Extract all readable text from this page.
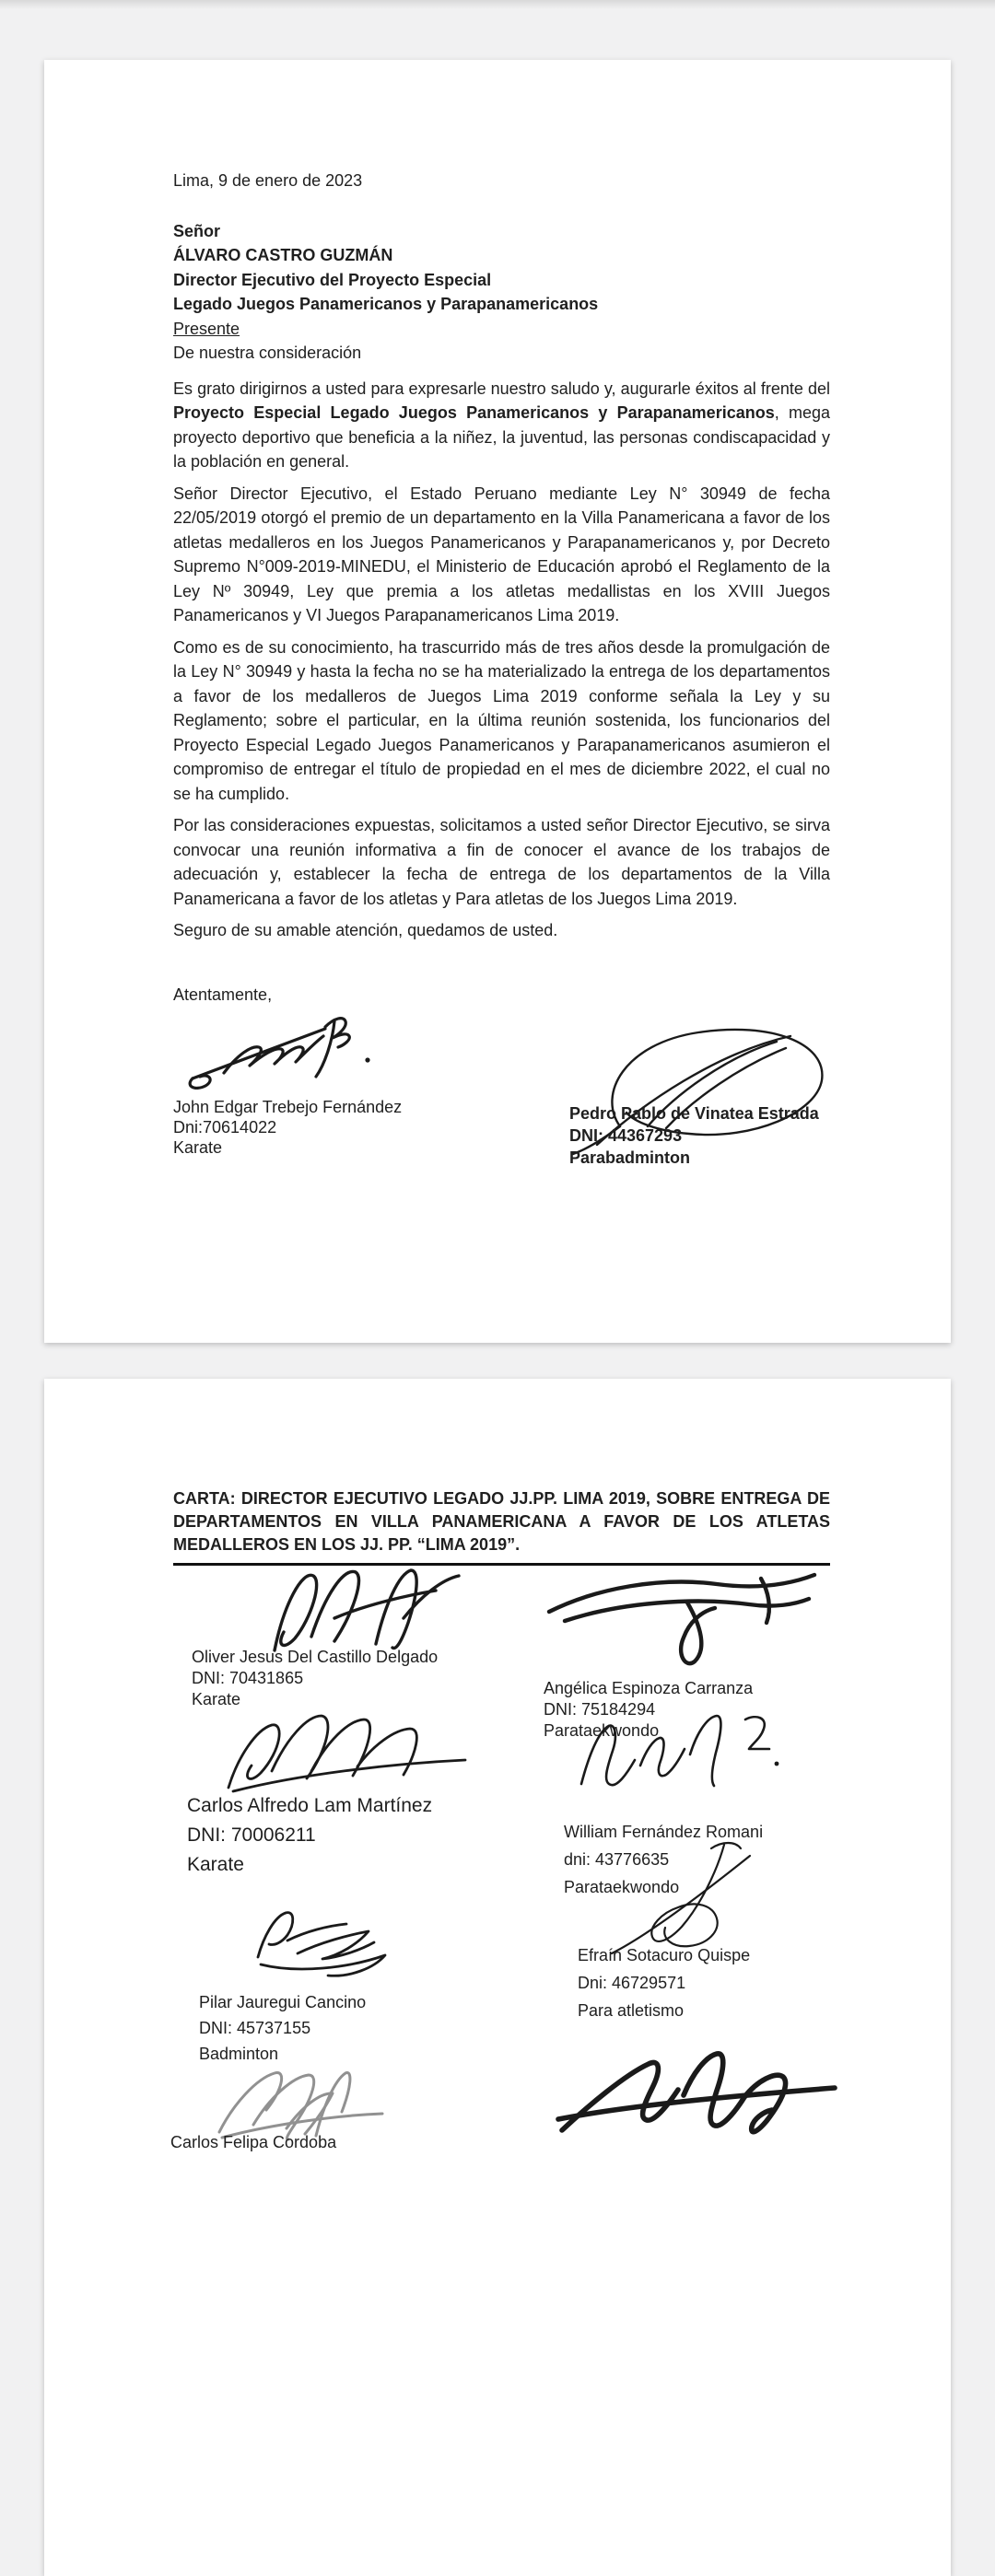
Lima, 9 de enero de 2023

Señor

ÁLVARO CASTRO GUZMÁN

Director Ejecutivo del Proyecto Especial

Legado Juegos Panamericanos y Parapanamericanos

Presente

De nuestra consideración

Es grato dirigirnos a usted para expresarle nuestro saludo y, augurarle éxitos al frente del Proyecto Especial Legado Juegos Panamericanos y Parapanamericanos, mega proyecto deportivo que beneficia a la niñez, la juventud, las personas condiscapacidad y la población en general.

Señor Director Ejecutivo, el Estado Peruano mediante Ley N° 30949 de fecha 22/05/2019 otorgó el premio de un departamento en la Villa Panamericana a favor de los atletas medalleros en los Juegos Panamericanos y Parapanamericanos y, por Decreto Supremo N°009-2019-MINEDU, el Ministerio de Educación aprobó el Reglamento de la Ley Nº 30949, Ley que premia a los atletas medallistas en los XVIII Juegos Panamericanos y VI Juegos Parapanamericanos Lima 2019.

Como es de su conocimiento, ha trascurrido más de tres años desde la promulgación de la Ley N° 30949 y hasta la fecha no se ha materializado la entrega de los departamentos a favor de los medalleros de Juegos Lima 2019 conforme señala la Ley y su Reglamento; sobre el particular, en la última reunión sostenida, los funcionarios del Proyecto Especial Legado Juegos Panamericanos y Parapanamericanos asumieron el compromiso de entregar el título de propiedad en el mes de diciembre 2022, el cual no se ha cumplido.

Por las consideraciones expuestas, solicitamos a usted señor Director Ejecutivo, se sirva convocar una reunión informativa a fin de conocer el avance de los trabajos de adecuación y, establecer la fecha de entrega de los departamentos de la Villa Panamericana a favor de los atletas y Para atletas de los Juegos Lima 2019.

Seguro de su amable atención, quedamos de usted.

Atentamente,
John Edgar Trebejo Fernández
Dni:70614022
Karate
Pedro Pablo de Vinatea Estrada
DNI: 44367293
Parabadminton
CARTA: DIRECTOR EJECUTIVO LEGADO JJ.PP. LIMA 2019, SOBRE ENTREGA DE DEPARTAMENTOS EN VILLA PANAMERICANA A FAVOR DE LOS ATLETAS MEDALLEROS EN LOS JJ. PP. “LIMA 2019”.
Oliver Jesus Del Castillo Delgado
DNI: 70431865
Karate
Angélica Espinoza Carranza
DNI: 75184294
Parataekwondo
Carlos Alfredo Lam Martínez
DNI: 70006211
Karate
William Fernández Romani
dni: 43776635
Parataekwondo
Pilar Jauregui Cancino
DNI: 45737155
Badminton
Efraín Sotacuro Quispe
Dni: 46729571
Para atletismo
Carlos Felipa Cordoba
